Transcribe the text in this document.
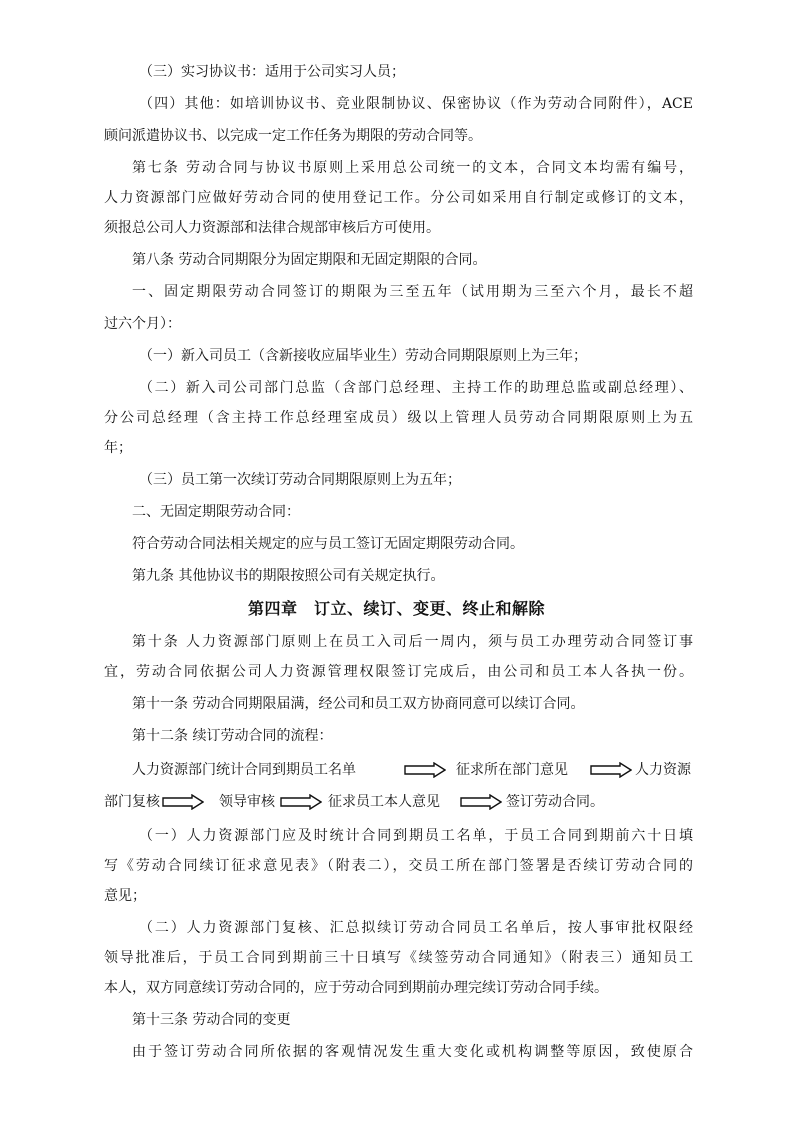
（三）实习协议书：适用于公司实习人员；
（四）其他：如培训协议书、竞业限制协议、保密协议（作为劳动合同附件），ACE
顾问派遣协议书、以完成一定工作任务为期限的劳动合同等。
第七条 劳动合同与协议书原则上采用总公司统一的文本，合同文本均需有编号，
人力资源部门应做好劳动合同的使用登记工作。分公司如采用自行制定或修订的文本，
须报总公司人力资源部和法律合规部审核后方可使用。
第八条 劳动合同期限分为固定期限和无固定期限的合同。
一、固定期限劳动合同签订的期限为三至五年（试用期为三至六个月，最长不超
过六个月）：
（一）新入司员工（含新接收应届毕业生）劳动合同期限原则上为三年；
（二）新入司公司部门总监（含部门总经理、主持工作的助理总监或副总经理）、
分公司总经理（含主持工作总经理室成员）级以上管理人员劳动合同期限原则上为五
年；
（三）员工第一次续订劳动合同期限原则上为五年；
二、无固定期限劳动合同：
符合劳动合同法相关规定的应与员工签订无固定期限劳动合同。
第九条 其他协议书的期限按照公司有关规定执行。
第四章　订立、续订、变更、终止和解除
第十条 人力资源部门原则上在员工入司后一周内，须与员工办理劳动合同签订事
宜，劳动合同依据公司人力资源管理权限签订完成后，由公司和员工本人各执一份。
第十一条 劳动合同期限届满，经公司和员工双方协商同意可以续订合同。
第十二条 续订劳动合同的流程：
人力资源部门统计合同到期员工名单	征求所在部门意见	人力资源
部门复核	领导审核	征求员工本人意见	签订劳动合同。
（一）人力资源部门应及时统计合同到期员工名单，于员工合同到期前六十日填
写《劳动合同续订征求意见表》（附表二），交员工所在部门签署是否续订劳动合同的
意见；
（二）人力资源部门复核、汇总拟续订劳动合同员工名单后，按人事审批权限经
领导批准后，于员工合同到期前三十日填写《续签劳动合同通知》（附表三）通知员工
本人，双方同意续订劳动合同的，应于劳动合同到期前办理完续订劳动合同手续。
第十三条 劳动合同的变更
由于签订劳动合同所依据的客观情况发生重大变化或机构调整等原因，致使原合
